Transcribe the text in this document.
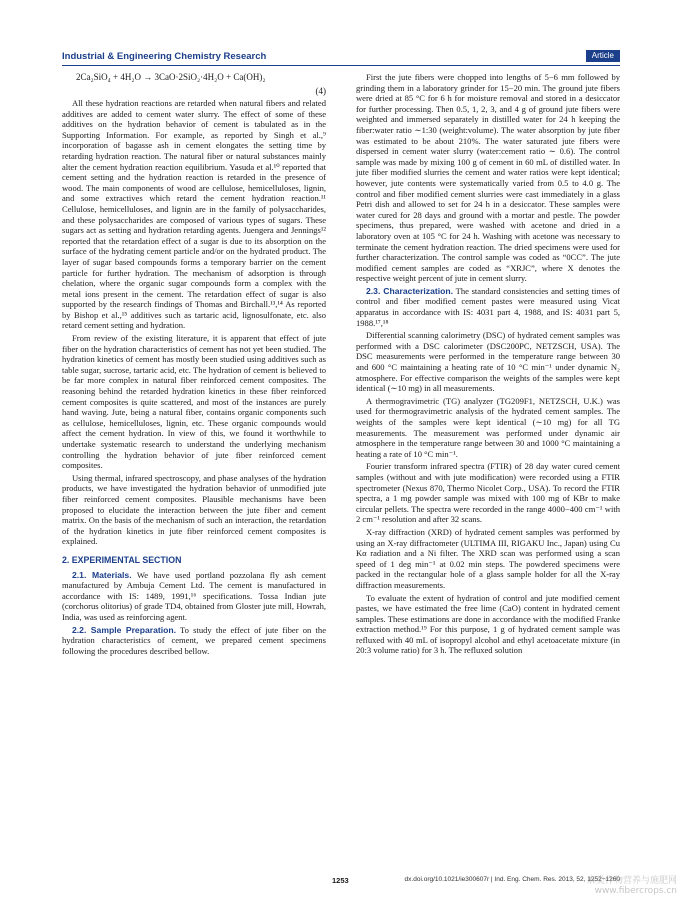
Industrial & Engineering Chemistry Research	Article
2Ca₂SiO₄ + 4H₂O → 3CaO·2SiO₂·4H₂O + Ca(OH)₂
(4)

All these hydration reactions are retarded when natural fibers and related additives are added to cement water slurry. The effect of some of these additives on the hydration behavior of cement is tabulated as in the Supporting Information. For example, as reported by Singh et al.,⁹ incorporation of bagasse ash in cement elongates the setting time by retarding hydration reaction. The natural fiber or natural substances mainly alter the cement hydration reaction equilibrium. Yasuda et al.¹⁰ reported that cement setting and the hydration reaction is retarded in the presence of wood. The main components of wood are cellulose, hemicelluloses, lignin, and some extractives which retard the cement hydration reaction.¹¹ Cellulose, hemicelluloses, and lignin are in the family of polysaccharides, and these polysaccharides are composed of various types of sugars. These sugars act as setting and hydration retarding agents. Juengera and Jennings¹² reported that the retardation effect of a sugar is due to its absorption on the surface of the hydrating cement particle and/or on the hydrated product. The layer of sugar based compounds forms a temporary barrier on the cement particle for further hydration. The mechanism of adsorption is through chelation, where the organic sugar compounds form a complex with the metal ions present in the cement. The retardation effect of sugar is also supported by the research findings of Thomas and Birchall.¹³,¹⁴ As reported by Bishop et al.,¹⁵ additives such as tartaric acid, lignosulfonate, etc. also retard cement setting and hydration.

From review of the existing literature, it is apparent that effect of jute fiber on the hydration characteristics of cement has not yet been studied. The hydration kinetics of cement has mostly been studied using additives such as table sugar, sucrose, tartaric acid, etc. The hydration of cement is believed to be far more complex in natural fiber reinforced cement composites. The reasoning behind the retarded hydration kinetics in these fiber reinforced cement composites is quite scattered, and most of the instances are purely hand waving. Jute, being a natural fiber, contains organic components such as cellulose, hemicelluloses, lignin, etc. These organic compounds would affect the cement hydration. In view of this, we found it worthwhile to undertake systematic research to understand the underlying mechanism controlling the hydration behavior of jute fiber reinforced cement composites.

Using thermal, infrared spectroscopy, and phase analyses of the hydration products, we have investigated the hydration behavior of unmodified jute fiber reinforced cement composites. Plausible mechanisms have been proposed to elucidate the interaction between the jute fiber and cement matrix. On the basis of the mechanism of such an interaction, the retardation of the hydration kinetics in jute fiber reinforced cement composites is explained.

2. EXPERIMENTAL SECTION

2.1. Materials. We have used portland pozzolana fly ash cement manufactured by Ambuja Cement Ltd. The cement is manufactured in accordance with IS: 1489, 1991,¹⁶ specifications. Tossa Indian jute (corchorus olitorius) of grade TD4, obtained from Gloster jute mill, Howrah, India, was used as reinforcing agent.

2.2. Sample Preparation. To study the effect of jute fiber on the hydration characteristics of cement, we prepared cement specimens following the procedures described bellow.

First the jute fibers were chopped into lengths of 5−6 mm followed by grinding them in a laboratory grinder for 15−20 min. The ground jute fibers were dried at 85 °C for 6 h for moisture removal and stored in a desiccator for further processing. Then 0.5, 1, 2, 3, and 4 g of ground jute fibers were weighted and immersed separately in distilled water for 24 h keeping the fiber:water ratio ∼1:30 (weight:volume). The water absorption by jute fiber was estimated to be about 210%. The water saturated jute fibers were dispersed in cement water slurry (water:cement ratio ∼ 0.6). The control sample was made by mixing 100 g of cement in 60 mL of distilled water. In jute fiber modified slurries the cement and water ratios were kept identical; however, jute contents were systematically varied from 0.5 to 4.0 g. The control and fiber modified cement slurries were cast immediately in a glass Petri dish and allowed to set for 24 h in a desiccator. These samples were water cured for 28 days and ground with a mortar and pestle. The powder specimens, thus prepared, were washed with acetone and dried in a laboratory oven at 105 °C for 24 h. Washing with acetone was necessary to terminate the cement hydration reaction. The dried specimens were used for further characterization. The control sample was coded as “0CC”. The jute modified cement samples are coded as “XRJC”, where X denotes the respective weight percent of jute in cement slurry.

2.3. Characterization. The standard consistencies and setting times of control and fiber modified cement pastes were measured using Vicat apparatus in accordance with IS: 4031 part 4, 1988, and IS: 4031 part 5, 1988.¹⁷,¹⁸

Differential scanning calorimetry (DSC) of hydrated cement samples was performed with a DSC calorimeter (DSC200PC, NETZSCH, USA). The DSC measurements were performed in the temperature range between 30 and 600 °C maintaining a heating rate of 10 °C min⁻¹ under dynamic N₂ atmosphere. For effective comparison the weights of the samples were kept identical (∼10 mg) in all measurements.

A thermogravimetric (TG) analyzer (TG209F1, NETZSCH, U.K.) was used for thermogravimetric analysis of the hydrated cement samples. The weights of the samples were kept identical (∼10 mg) for all TG measurements. The measurement was performed under dynamic air atmosphere in the temperature range between 30 and 1000 °C maintaining a heating a rate of 10 °C min⁻¹.

Fourier transform infrared spectra (FTIR) of 28 day water cured cement samples (without and with jute modification) were recorded using a FTIR spectrometer (Nexus 870, Thermo Nicolet Corp., USA). To record the FTIR spectra, a 1 mg powder sample was mixed with 100 mg of KBr to make circular pellets. The spectra were recorded in the range 4000−400 cm⁻¹ with 2 cm⁻¹ resolution and after 32 scans.

X-ray diffraction (XRD) of hydrated cement samples was performed by using an X-ray diffractometer (ULTIMA III, RIGAKU Inc., Japan) using Cu Kα radiation and a Ni filter. The XRD scan was performed using a scan speed of 1 deg min⁻¹ at 0.02 min steps. The powdered specimens were packed in the rectangular hole of a glass sample holder for all the X-ray diffraction measurements.

To evaluate the extent of hydration of control and jute modified cement pastes, we have estimated the free lime (CaO) content in hydrated cement samples. These estimations are done in accordance with the modified Franke extraction method.¹⁹ For this purpose, 1 g of hydrated cement sample was refluxed with 40 mL of isopropyl alcohol and ethyl acetoacetate mixture (in 20:3 volume ratio) for 3 h. The refluxed solution

1253	dx.doi.org/10.1021/ie300607r | Ind. Eng. Chem. Res. 2013, 52, 1252−1260
麻类作物营养与施肥网
www.fibercrops.cn
